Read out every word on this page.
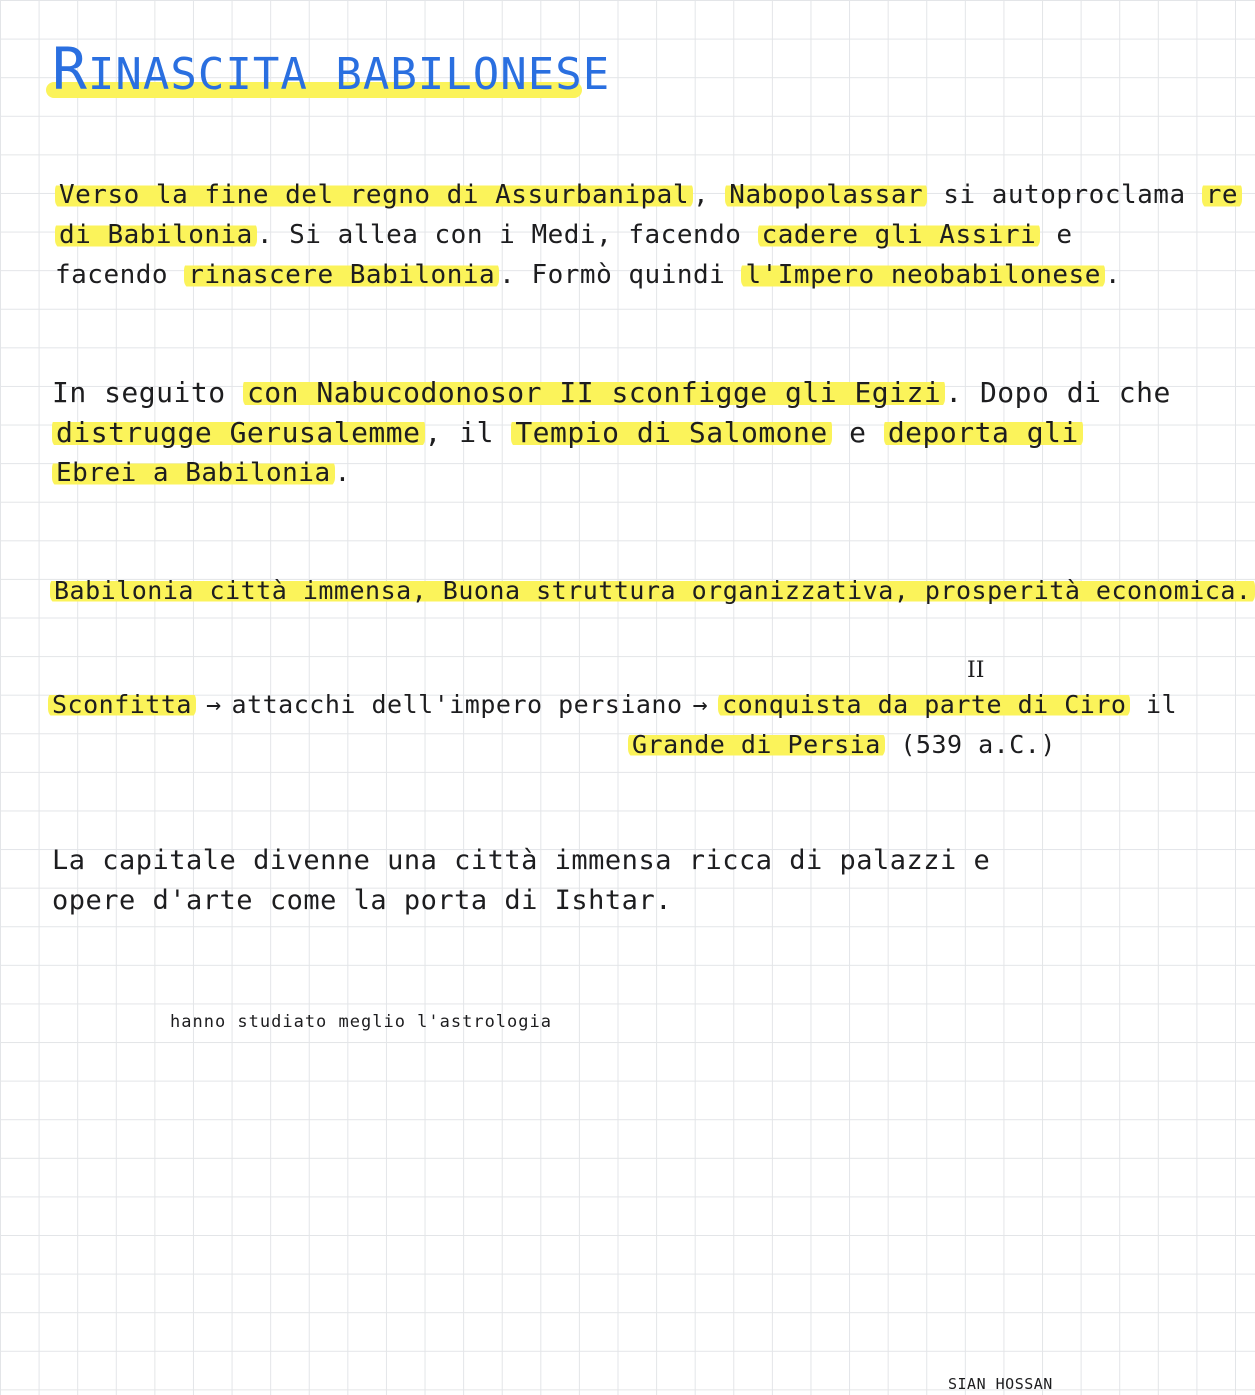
RINASCITA BABILONESE
Verso la fine del regno di Assurbanipal , Nabopolassar si autoproclama re
di Babilonia . Si allea con i Medi, facendo cadere gli Assiri e
facendo rinascere Babilonia . Formò quindi l'Impero neobabilonese .
In seguito con Nabucodonosor II sconfigge gli Egizi . Dopo di che
distrugge Gerusalemme , il Tempio di Salomone e deporta gli
Ebrei a Babilonia .
Babilonia città immensa, Buona struttura organizzativa, prosperità economica.
Sconfitta → attacchi dell'impero persiano → conquista da parte di Ciro il
II
Grande di Persia (539 a.C.)
La capitale divenne una città immensa ricca di palazzi e
opere d'arte come la porta di Ishtar.
hanno studiato meglio l'astrologia
SIAN HOSSAN
